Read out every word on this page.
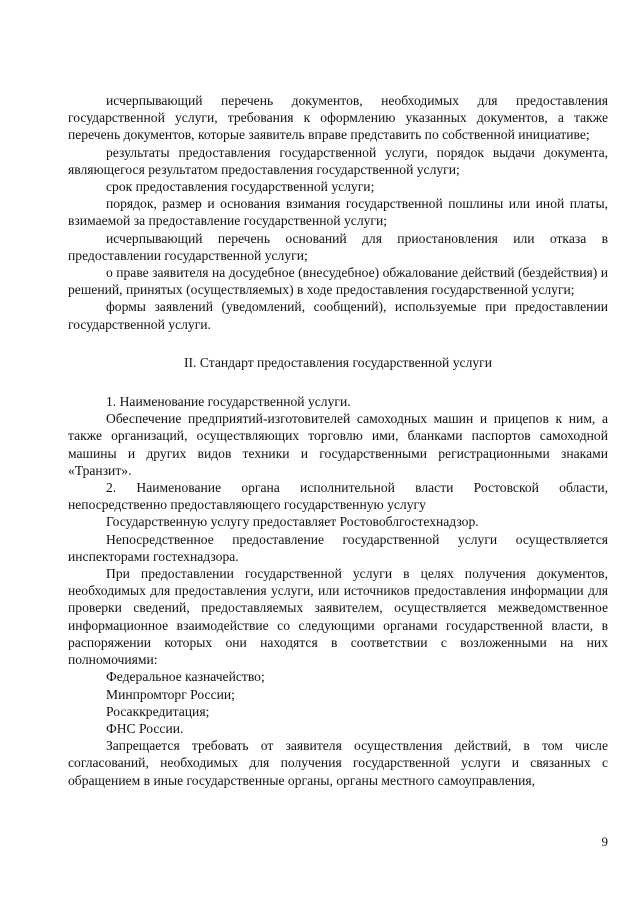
исчерпывающий перечень документов, необходимых для предоставления государственной услуги, требования к оформлению указанных документов, а также перечень документов, которые заявитель вправе представить по собственной инициативе;

результаты предоставления государственной услуги, порядок выдачи документа, являющегося результатом предоставления государственной услуги;

срок предоставления государственной услуги;

порядок, размер и основания взимания государственной пошлины или иной платы, взимаемой за предоставление государственной услуги;

исчерпывающий перечень оснований для приостановления или отказа в предоставлении государственной услуги;

о праве заявителя на досудебное (внесудебное) обжалование действий (бездействия) и решений, принятых (осуществляемых) в ходе предоставления государственной услуги;

формы заявлений (уведомлений, сообщений), используемые при предоставлении государственной услуги.

II. Стандарт предоставления государственной услуги

1. Наименование государственной услуги.

Обеспечение предприятий-изготовителей самоходных машин и прицепов к ним, а также организаций, осуществляющих торговлю ими, бланками паспортов самоходной машины и других видов техники и государственными регистрационными знаками «Транзит».

2. Наименование органа исполнительной власти Ростовской области, непосредственно предоставляющего государственную услугу

Государственную услугу предоставляет Ростовоблгостехнадзор.

Непосредственное предоставление государственной услуги осуществляется инспекторами гостехнадзора.

При предоставлении государственной услуги в целях получения документов, необходимых для предоставления услуги, или источников предоставления информации для проверки сведений, предоставляемых заявителем, осуществляется межведомственное информационное взаимодействие со следующими органами государственной власти, в распоряжении которых они находятся в соответствии с возложенными на них полномочиями:

Федеральное казначейство;

Минпромторг России;

Росаккредитация;

ФНС России.

Запрещается требовать от заявителя осуществления действий, в том числе согласований, необходимых для получения государственной услуги и связанных с обращением в иные государственные органы, органы местного самоуправления,

9
